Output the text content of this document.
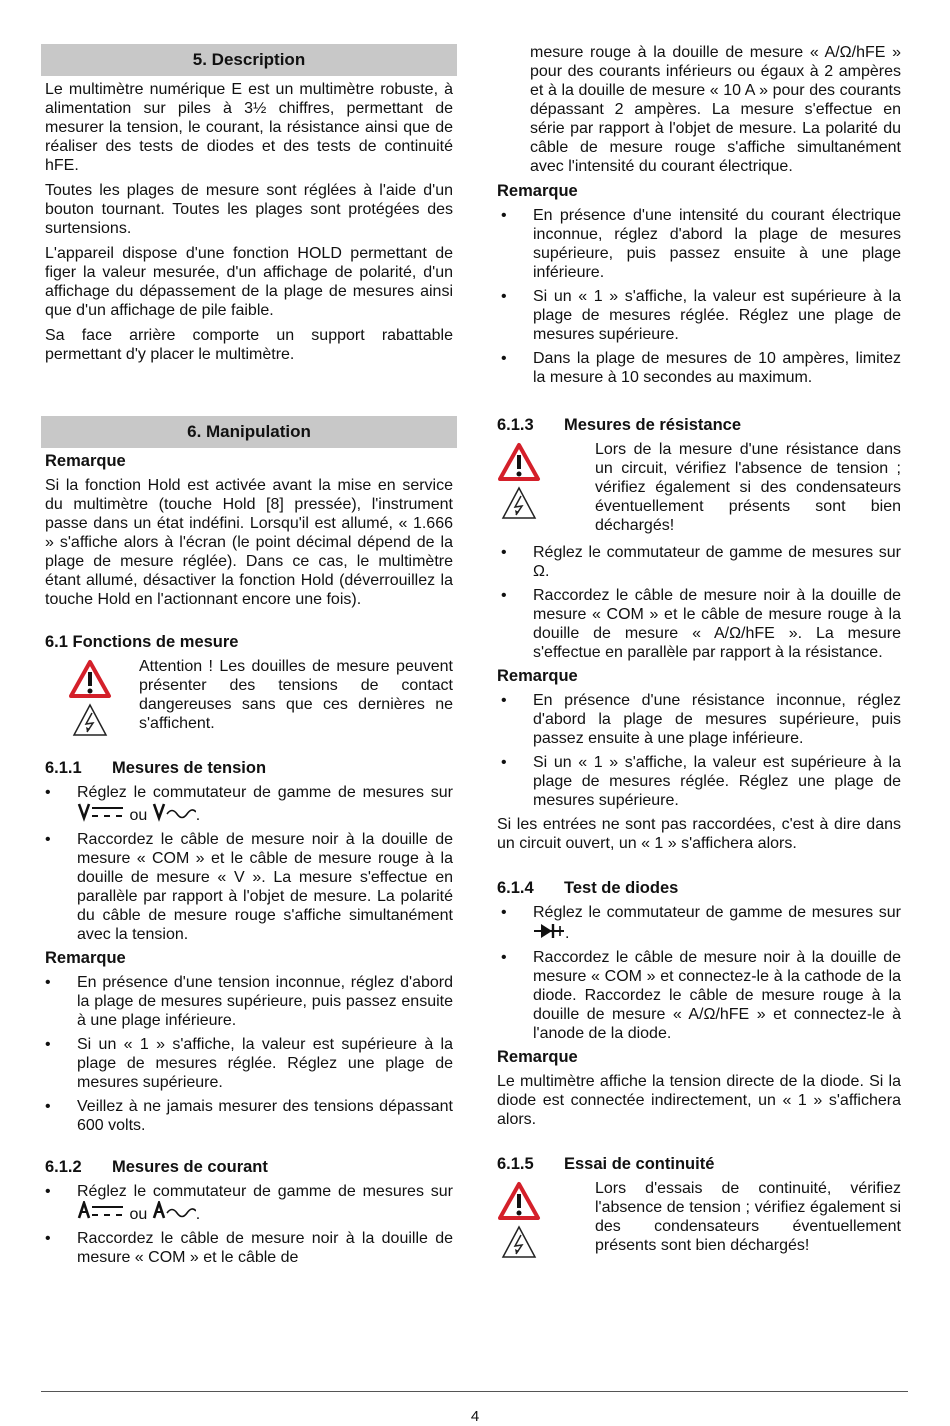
5. Description

Le multimètre numérique E est un multimètre robuste, à alimentation sur piles à 3½ chiffres, permettant de mesurer la tension, le courant, la résistance ainsi que de réaliser des tests de diodes et des tests de continuité hFE.

Toutes les plages de mesure sont réglées à l'aide d'un bouton tournant. Toutes les plages sont protégées des surtensions.

L'appareil dispose d'une fonction HOLD permettant de figer la valeur mesurée, d'un affichage de polarité, d'un affichage du dépassement de la plage de mesures ainsi que d'un affichage de pile faible.

Sa face arrière comporte un support rabattable permettant d'y placer le multimètre.

6. Manipulation
Remarque

Si la fonction Hold est activée avant la mise en service du multimètre (touche Hold [8] pressée), l'instrument passe dans un état indéfini. Lorsqu'il est allumé, « 1.666 » s'affiche alors à l'écran (le point décimal dépend de la plage de mesure réglée). Dans ce cas, le multimètre étant allumé, désactiver la fonction Hold (déverrouillez la touche Hold en l'actionnant encore une fois).

6.1 Fonctions de mesure
Attention ! Les douilles de mesure peuvent présenter des tensions de contact dangereuses sans que ces dernières ne s'affichent.
6.1.1 Mesures de tension
• Réglez le commutateur de gamme de mesures sur  ou	.
• Raccordez le câble de mesure noir à la douille de mesure « COM » et le câble de mesure rouge à la douille de mesure « V ». La mesure s'effectue en parallèle par rapport à l'objet de mesure. La polarité du câble de mesure rouge s'affiche simultanément avec la tension.
Remarque
• En présence d'une tension inconnue, réglez d'abord la plage de mesures supérieure, puis passez ensuite à une plage inférieure.
• Si un « 1 » s'affiche, la valeur est supérieure à la plage de mesures réglée. Réglez une plage de mesures supérieure.
• Veillez à ne jamais mesurer des tensions dépassant 600 volts.
6.1.2 Mesures de courant
• Réglez le commutateur de gamme de mesures sur  ou	.
• Raccordez le câble de mesure noir à la douille de mesure « COM » et le câble de

mesure rouge à la douille de mesure « A/Ω/hFE » pour des courants inférieurs ou égaux à 2 ampères et à la douille de mesure « 10 A » pour des courants dépassant 2 ampères. La mesure s'effectue en série par rapport à l'objet de mesure. La polarité du câble de mesure rouge s'affiche simultanément avec l'intensité du courant électrique.

Remarque
• En présence d'une intensité du courant électrique inconnue, réglez d'abord la plage de mesures supérieure, puis passez ensuite à une plage inférieure.
• Si un « 1 » s'affiche, la valeur est supérieure à la plage de mesures réglée. Réglez une plage de mesures supérieure.
• Dans la plage de mesures de 10 ampères, limitez la mesure à 10 secondes au maximum.
6.1.3 Mesures de résistance
Lors de la mesure d'une résistance dans un circuit, vérifiez l'absence de tension ; vérifiez également si des condensateurs éventuellement présents sont bien déchargés!
• Réglez le commutateur de gamme de mesures sur Ω.
• Raccordez le câble de mesure noir à la douille de mesure « COM » et le câble de mesure rouge à la douille de mesure « A/Ω/hFE ». La mesure s'effectue en parallèle par rapport à la résistance.
Remarque
• En présence d'une résistance inconnue, réglez d'abord la plage de mesures supérieure, puis passez ensuite à une plage inférieure.
• Si un « 1 » s'affiche, la valeur est supérieure à la plage de mesures réglée. Réglez une plage de mesures supérieure.

Si les entrées ne sont pas raccordées, c'est à dire dans un circuit ouvert, un « 1 » s'affichera alors.

6.1.4 Test de diodes
• Réglez le commutateur de gamme de mesures sur .
• Raccordez le câble de mesure noir à la douille de mesure « COM » et connectez-le à la cathode de la diode. Raccordez le câble de mesure rouge à la douille de mesure « A/Ω/hFE » et connectez-le à l'anode de la diode.
Remarque

Le multimètre affiche la tension directe de la diode. Si la diode est connectée indirectement, un « 1 » s'affichera alors.

6.1.5 Essai de continuité
Lors d'essais de continuité, vérifiez l'absence de tension ; vérifiez également si des condensateurs éventuellement présents sont bien déchargés!
4
